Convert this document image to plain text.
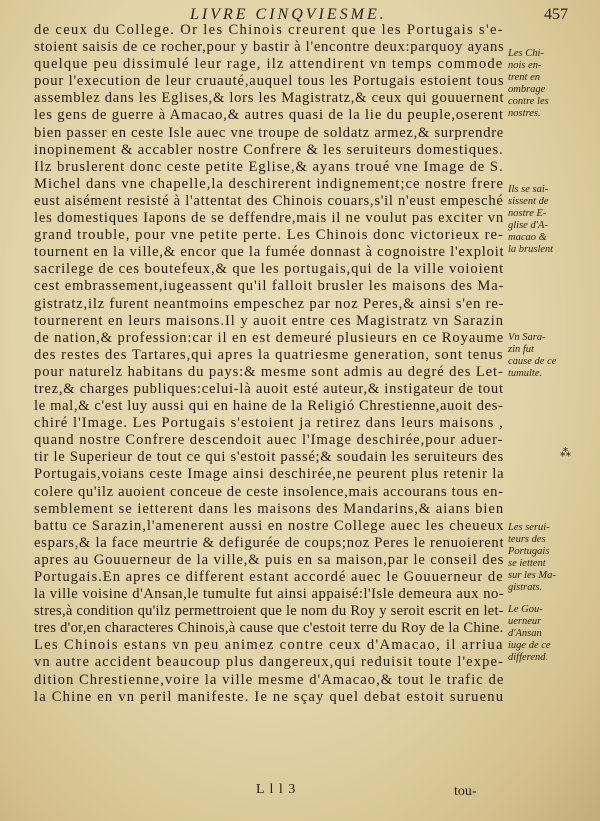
LIVRE CINQVIESME.	457
de ceux du College. Or les Chinois creurent que les Portugais s'e-
stoient saisis de ce rocher,pour y bastir à l'encontre deux:parquoy ayans
quelque peu dissimulé leur rage, ilz attendirent vn temps commode
pour l'execution de leur cruauté,auquel tous les Portugais estoient tous
assemblez dans les Eglises,& lors les Magistratz,& ceux qui gouuernent
les gens de guerre à Amacao,& autres quasi de la lie du peuple,oserent
bien passer en ceste Isle auec vne troupe de soldatz armez,& surprendre
inopinement & accabler nostre Confrere & les seruiteurs domestiques.
Ilz bruslerent donc ceste petite Eglise,& ayans troué vne Image de S.
Michel dans vne chapelle,la deschirerent indignement;ce nostre frere
eust aisément resisté à l'attentat des Chinois couars,s'il n'eust empesché
les domestiques Iapons de se deffendre,mais il ne voulut pas exciter vn
grand trouble, pour vne petite perte. Les Chinois donc victorieux re-
tournent en la ville,& encor que la fumée donnast à cognoistre l'exploit
sacrilege de ces boutefeux,& que les portugais,qui de la ville voioient
cest embrassement,iugeassent qu'il falloit brusler les maisons des Ma-
gistratz,ilz furent neantmoins empeschez par noz Peres,& ainsi s'en re-
tournerent en leurs maisons.Il y auoit entre ces Magistratz vn Sarazin
de nation,& profession:car il en est demeuré plusieurs en ce Royaume
des restes des Tartares,qui apres la quatriesme generation, sont tenus
pour naturelz habitans du pays:& mesme sont admis au degré des Let-
trez,& charges publiques:celui-là auoit esté auteur,& instigateur de tout
le mal,& c'est luy aussi qui en haine de la Religió Chrestienne,auoit des-
chiré l'Image. Les Portugais s'estoient ja retirez dans leurs maisons ,
quand nostre Confrere descendoit auec l'Image deschirée,pour aduer-
tir le Superieur de tout ce qui s'estoit passé;& soudain les seruiteurs des
Portugais,voians ceste Image ainsi deschirée,ne peurent plus retenir la
colere qu'ilz auoient conceue de ceste insolence,mais accourans tous en-
semblement se ietterent dans les maisons des Mandarins,& aians bien
battu ce Sarazin,l'amenerent aussi en nostre College auec les cheueux
espars,& la face meurtrie & defigurée de coups;noz Peres le renuoierent
apres au Gouuerneur de la ville,& puis en sa maison,par le conseil des
Portugais.En apres ce different estant accordé auec le Gouuerneur de
la ville voisine d'Ansan,le tumulte fut ainsi appaisé:l'Isle demeura aux no-
stres,à condition qu'ilz permettroient que le nom du Roy y seroit escrit en let-
tres d'or,en characteres Chinois,à cause que c'estoit terre du Roy de la Chine.
Les Chinois estans vn peu animez contre ceux d'Amacao, il arriua
vn autre accident beaucoup plus dangereux,qui reduisit toute l'expe-
dition Chrestienne,voire la ville mesme d'Amacao,& tout le trafic de
la Chine en vn peril manifeste. Ie ne sçay quel debat estoit suruenu
Les Chi-
nois en-
trent en
ombrage
contre les
nostres.
Ils se sai-
sissent de
nostre E-
glise d'A-
macao &
la bruslent
Vn Sara-
zin fut
cause de ce
tumulte.
Les serui-
teurs des
Portugais
se iettent
sur les Ma-
gistrats.
Le Gou-
uerneur
d'Ansan
iuge de ce
differend.
⁂
L l l 3	tou-
